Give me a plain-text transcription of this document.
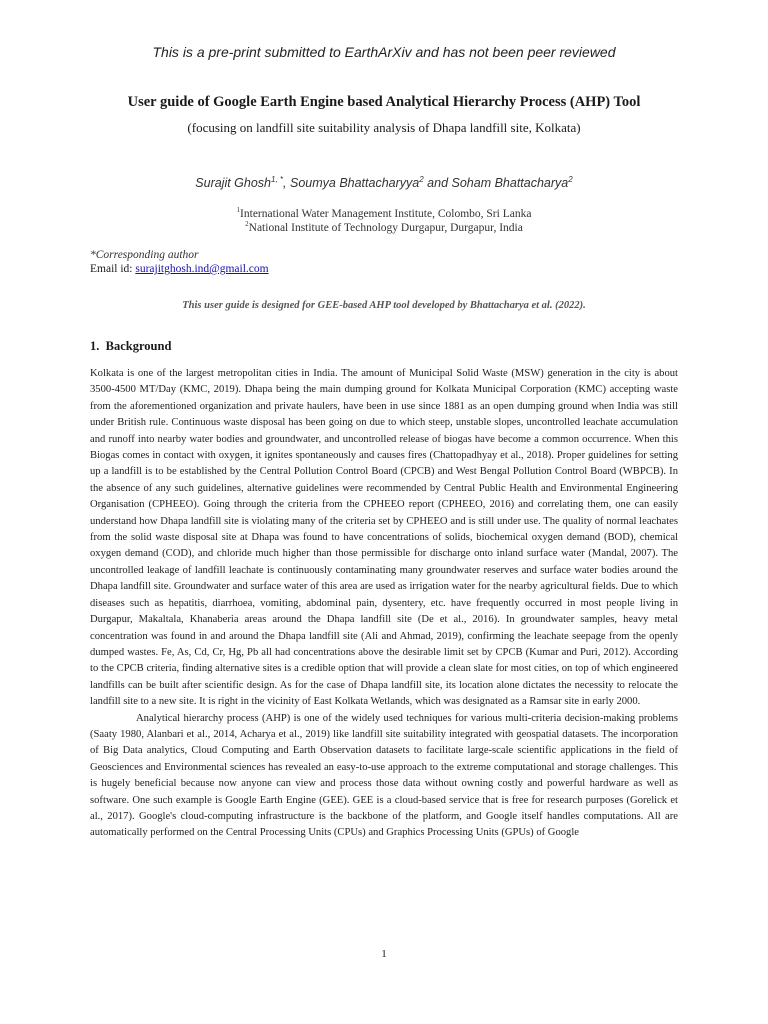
This is a pre-print submitted to EarthArXiv and has not been peer reviewed
User guide of Google Earth Engine based Analytical Hierarchy Process (AHP) Tool
(focusing on landfill site suitability analysis of Dhapa landfill site, Kolkata)
Surajit Ghosh$^{1, *}$, Soumya Bhattacharyya$^2$ and Soham Bhattacharya$^2$
$^1$International Water Management Institute, Colombo, Sri Lanka
$^2$National Institute of Technology Durgapur, Durgapur, India
*Corresponding author
Email id: surajitghosh.ind@gmail.com
This user guide is designed for GEE-based AHP tool developed by Bhattacharya et al. (2022).
1.  Background

Kolkata is one of the largest metropolitan cities in India. The amount of Municipal Solid Waste (MSW) generation in the city is about 3500-4500 MT/Day (KMC, 2019). Dhapa being the main dumping ground for Kolkata Municipal Corporation (KMC) accepting waste from the aforementioned organization and private haulers, have been in use since 1881 as an open dumping ground when India was still under British rule. Continuous waste disposal has been going on due to which steep, unstable slopes, uncontrolled leachate accumulation and runoff into nearby water bodies and groundwater, and uncontrolled release of biogas have become a common occurrence. When this Biogas comes in contact with oxygen, it ignites spontaneously and causes fires (Chattopadhyay et al., 2018). Proper guidelines for setting up a landfill is to be established by the Central Pollution Control Board (CPCB) and West Bengal Pollution Control Board (WBPCB). In the absence of any such guidelines, alternative guidelines were recommended by Central Public Health and Environmental Engineering Organisation (CPHEEO). Going through the criteria from the CPHEEO report (CPHEEO, 2016) and correlating them, one can easily understand how Dhapa landfill site is violating many of the criteria set by CPHEEO and is still under use. The quality of normal leachates from the solid waste disposal site at Dhapa was found to have concentrations of solids, biochemical oxygen demand (BOD), chemical oxygen demand (COD), and chloride much higher than those permissible for discharge onto inland surface water (Mandal, 2007). The uncontrolled leakage of landfill leachate is continuously contaminating many groundwater reserves and surface water bodies around the Dhapa landfill site. Groundwater and surface water of this area are used as irrigation water for the nearby agricultural fields. Due to which diseases such as hepatitis, diarrhoea, vomiting, abdominal pain, dysentery, etc. have frequently occurred in most people living in Durgapur, Makaltala, Khanaberia areas around the Dhapa landfill site (De et al., 2016). In groundwater samples, heavy metal concentration was found in and around the Dhapa landfill site (Ali and Ahmad, 2019), confirming the leachate seepage from the openly dumped wastes. Fe, As, Cd, Cr, Hg, Pb all had concentrations above the desirable limit set by CPCB (Kumar and Puri, 2012). According to the CPCB criteria, finding alternative sites is a credible option that will provide a clean slate for most cities, on top of which engineered landfills can be built after scientific design. As for the case of Dhapa landfill site, its location alone dictates the necessity to relocate the landfill site to a new site. It is right in the vicinity of East Kolkata Wetlands, which was designated as a Ramsar site in early 2000.

Analytical hierarchy process (AHP) is one of the widely used techniques for various multi-criteria decision-making problems (Saaty 1980, Alanbari et al., 2014, Acharya et al., 2019) like landfill site suitability integrated with geospatial datasets. The incorporation of Big Data analytics, Cloud Computing and Earth Observation datasets to facilitate large-scale scientific applications in the field of Geosciences and Environmental sciences has revealed an easy-to-use approach to the extreme computational and storage challenges. This is hugely beneficial because now anyone can view and process those data without owning costly and powerful hardware as well as software. One such example is Google Earth Engine (GEE). GEE is a cloud-based service that is free for research purposes (Gorelick et al., 2017). Google's cloud-computing infrastructure is the backbone of the platform, and Google itself handles computations. All are automatically performed on the Central Processing Units (CPUs) and Graphics Processing Units (GPUs) of Google

1
